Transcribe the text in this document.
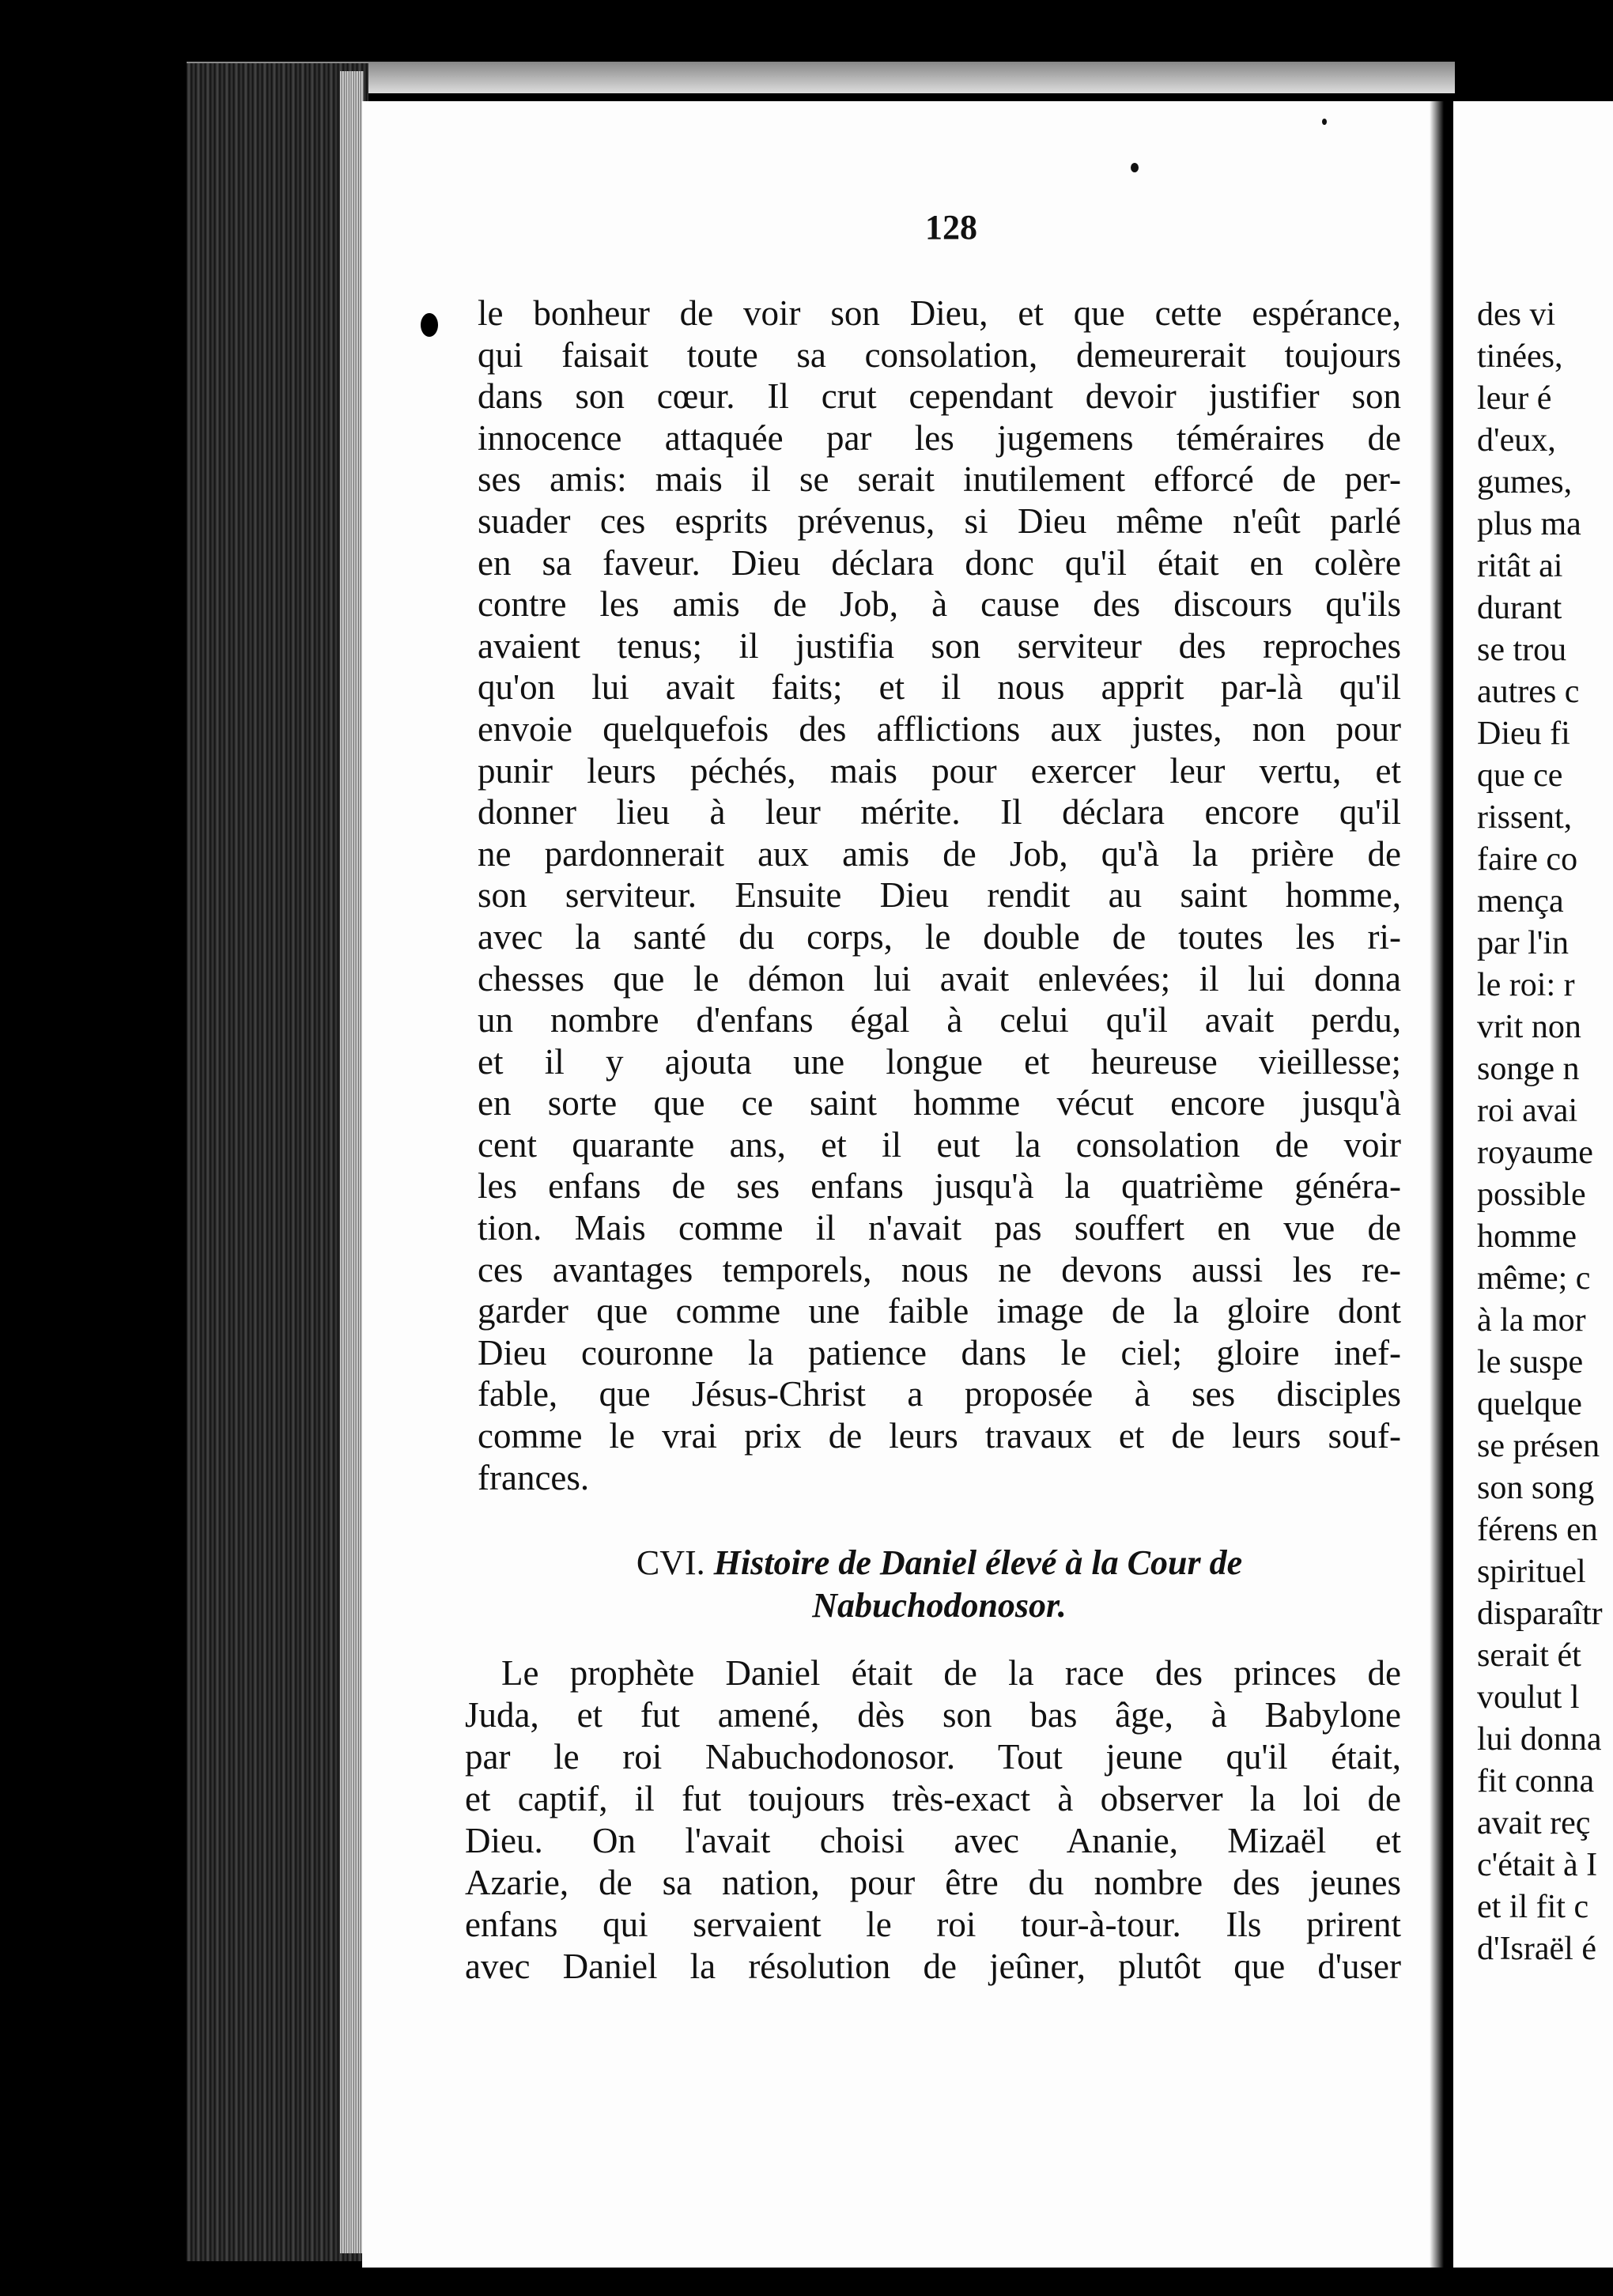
128
le bonheur de voir son Dieu, et que cette espérance,
qui faisait toute sa consolation, demeurerait toujours
dans son cœur. Il crut cependant devoir justifier son
innocence attaquée par les jugemens téméraires de
ses amis: mais il se serait inutilement efforcé de per-
suader ces esprits prévenus, si Dieu même n'eût parlé
en sa faveur. Dieu déclara donc qu'il était en colère
contre les amis de Job, à cause des discours qu'ils
avaient tenus; il justifia son serviteur des reproches
qu'on lui avait faits; et il nous apprit par-là qu'il
envoie quelquefois des afflictions aux justes, non pour
punir leurs péchés, mais pour exercer leur vertu, et
donner lieu à leur mérite. Il déclara encore qu'il
ne pardonnerait aux amis de Job, qu'à la prière de
son serviteur. Ensuite Dieu rendit au saint homme,
avec la santé du corps, le double de toutes les ri-
chesses que le démon lui avait enlevées; il lui donna
un nombre d'enfans égal à celui qu'il avait perdu,
et il y ajouta une longue et heureuse vieillesse;
en sorte que ce saint homme vécut encore jusqu'à
cent quarante ans, et il eut la consolation de voir
les enfans de ses enfans jusqu'à la quatrième généra-
tion. Mais comme il n'avait pas souffert en vue de
ces avantages temporels, nous ne devons aussi les re-
garder que comme une faible image de la gloire dont
Dieu couronne la patience dans le ciel; gloire inef-
fable, que Jésus-Christ a proposée à ses disciples
comme le vrai prix de leurs travaux et de leurs souf-
frances.
CVI. Histoire de Daniel élevé à la Cour de
Nabuchodonosor.
Le prophète Daniel était de la race des princes de
Juda, et fut amené, dès son bas âge, à Babylone
par le roi Nabuchodonosor. Tout jeune qu'il était,
et captif, il fut toujours très-exact à observer la loi de
Dieu. On l'avait choisi avec Ananie, Mizaël et
Azarie, de sa nation, pour être du nombre des jeunes
enfans qui servaient le roi tour-à-tour. Ils prirent
avec Daniel la résolution de jeûner, plutôt que d'user
des vi
tinées,
leur é
d'eux,
gumes,
plus ma
ritât ai
durant
se trou
autres c
Dieu fi
que ce
rissent,
faire co
mença
par l'in
le roi: r
vrit non
songe n
roi avai
royaume
possible
homme
même; c
à la mor
le suspe
quelque
se présen
son song
férens en
spirituel
disparaîtr
serait ét
voulut l
lui donna
fit conna
avait reç
c'était à I
et il fit c
d'Israël é
